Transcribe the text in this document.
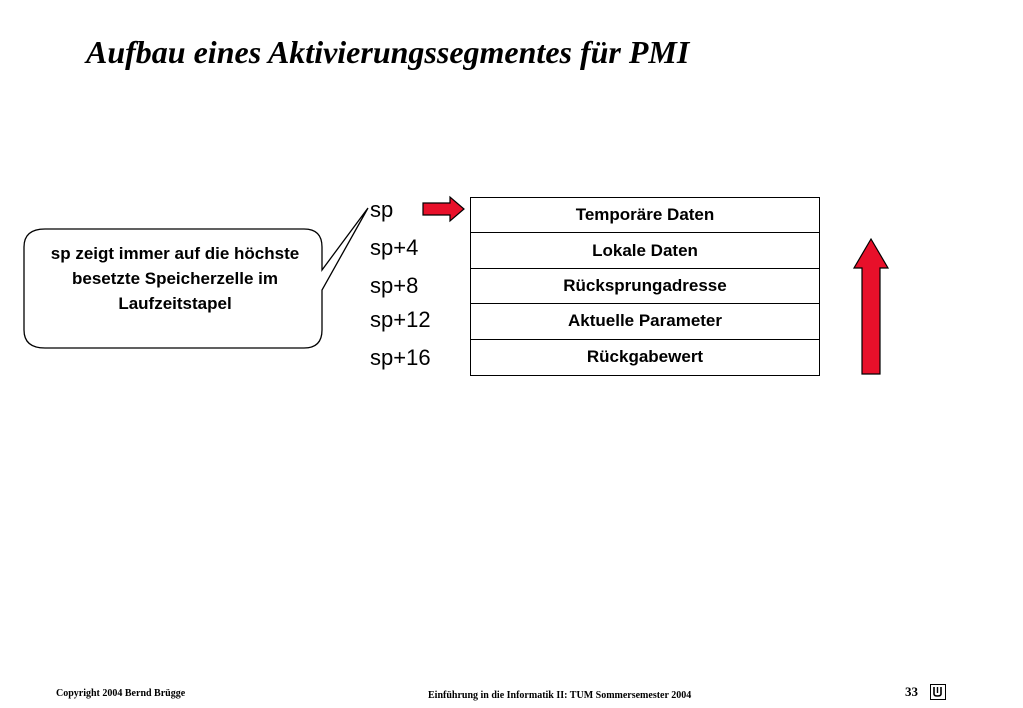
Aufbau eines Aktivierungssegmentes für PMI
sp zeigt immer auf die höchste besetzte Speicherzelle im Laufzeitstapel
sp
sp+4
sp+8
sp+12
sp+16
Temporäre Daten
Lokale Daten
Rücksprungadresse
Aktuelle Parameter
Rückgabewert
Copyright 2004 Bernd Brügge	Einführung in die Informatik II: TUM Sommersemester 2004	33
